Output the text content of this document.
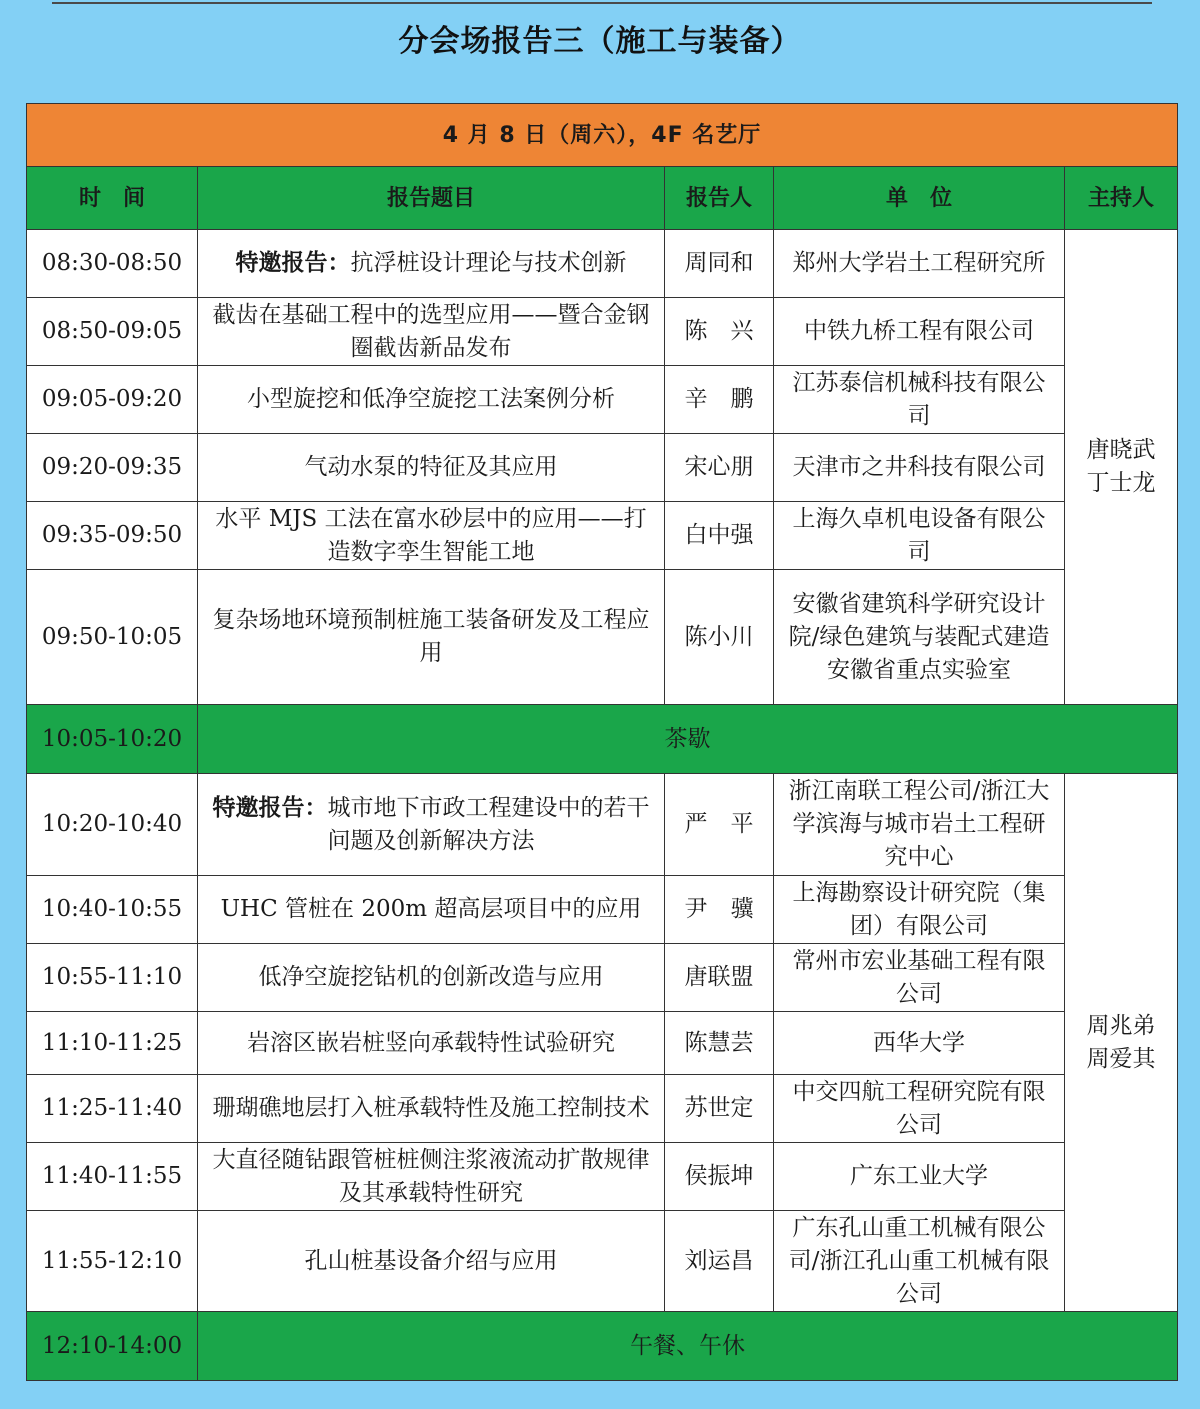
分会场报告三（施工与装备）
4 月 8 日（周六），4F 名艺厅				
时　间	报告题目	报告人	单　位	主持人
08:30-08:50	特邀报告：抗浮桩设计理论与技术创新	周同和	郑州大学岩土工程研究所	唐晓武
丁士龙

08:50-09:05	截齿在基础工程中的选型应用——暨合金钢圈截齿新品发布	陈　兴	中铁九桥工程有限公司	
09:05-09:20	小型旋挖和低净空旋挖工法案例分析	辛　鹏	江苏泰信机械科技有限公司	
09:20-09:35	气动水泵的特征及其应用	宋心朋	天津市之井科技有限公司	
09:35-09:50	水平 MJS 工法在富水砂层中的应用——打造数字孪生智能工地	白中强	上海久卓机电设备有限公司	
09:50-10:05	复杂场地环境预制桩施工装备研发及工程应用	陈小川	安徽省建筑科学研究设计院/绿色建筑与装配式建造安徽省重点实验室	
10:05-10:20	茶歇			
10:20-10:40	特邀报告：城市地下市政工程建设中的若干问题及创新解决方法	严　平	浙江南联工程公司/浙江大学滨海与城市岩土工程研究中心	周兆弟
周爱其

10:40-10:55	UHC 管桩在 200m 超高层项目中的应用	尹　骥	上海勘察设计研究院（集团）有限公司	
10:55-11:10	低净空旋挖钻机的创新改造与应用	唐联盟	常州市宏业基础工程有限公司	
11:10-11:25	岩溶区嵌岩桩竖向承载特性试验研究	陈慧芸	西华大学	
11:25-11:40	珊瑚礁地层打入桩承载特性及施工控制技术	苏世定	中交四航工程研究院有限公司	
11:40-11:55	大直径随钻跟管桩桩侧注浆液流动扩散规律及其承载特性研究	侯振坤	广东工业大学	
11:55-12:10	孔山桩基设备介绍与应用	刘运昌	广东孔山重工机械有限公司/浙江孔山重工机械有限公司	
12:10-14:00	午餐、午休			
